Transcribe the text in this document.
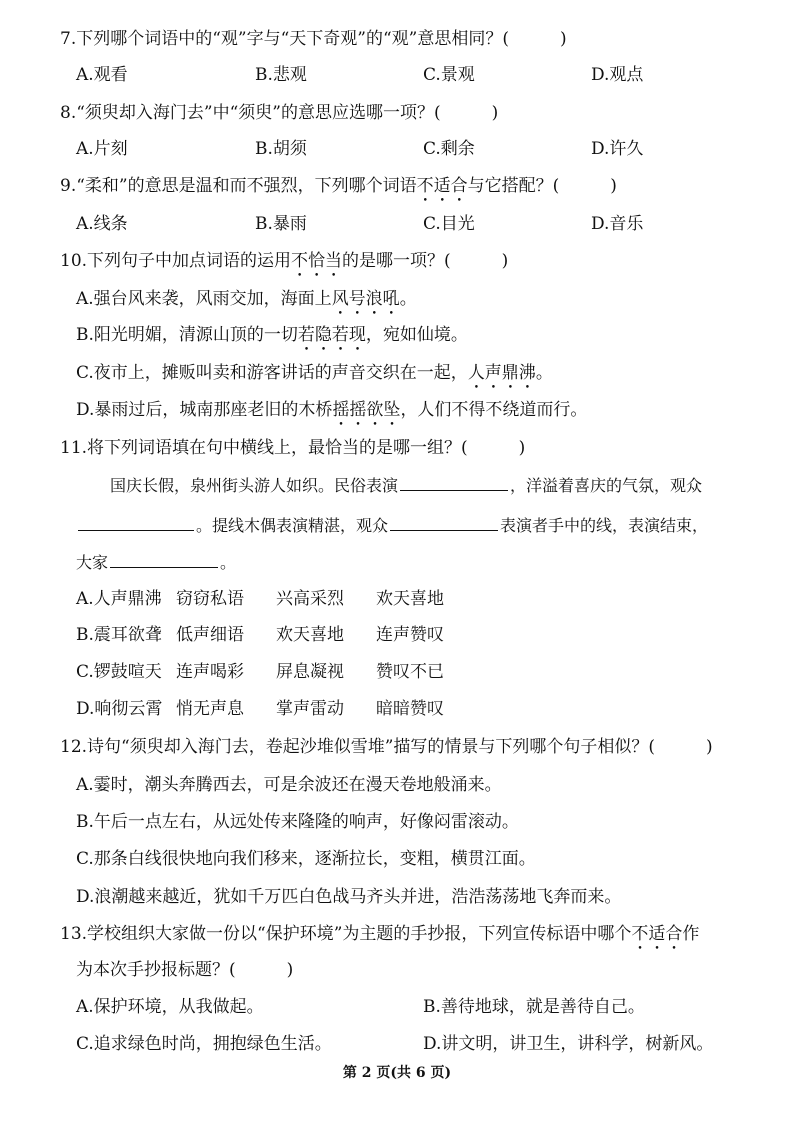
7.下列哪个词语中的“观”字与“天下奇观”的“观”意思相同？(　　　)
A.观看	B.悲观	C.景观	D.观点
8.“须臾却入海门去”中“须臾”的意思应选哪一项？(　　　)
A.片刻	B.胡须	C.剩余	D.许久
9.“柔和”的意思是温和而不强烈，下列哪个词语不适合与它搭配？(　　　)
A.线条	B.暴雨	C.目光	D.音乐
10.下列句子中加点词语的运用不恰当的是哪一项？(　　　)
A.强台风来袭，风雨交加，海面上风号浪吼。
B.阳光明媚，清源山顶的一切若隐若现，宛如仙境。
C.夜市上，摊贩叫卖和游客讲话的声音交织在一起，人声鼎沸。
D.暴雨过后，城南那座老旧的木桥摇摇欲坠，人们不得不绕道而行。
11.将下列词语填在句中横线上，最恰当的是哪一组？(　　　)
国庆长假，泉州街头游人如织。民俗表演	，洋溢着喜庆的气氛，观众
。提线木偶表演精湛，观众	表演者手中的线，表演结束，
大家	。
A.人声鼎沸 窃窃私语 兴高采烈 欢天喜地
B.震耳欲聋 低声细语 欢天喜地 连声赞叹
C.锣鼓喧天 连声喝彩 屏息凝视 赞叹不已
D.响彻云霄 悄无声息 掌声雷动 暗暗赞叹
12.诗句“须臾却入海门去，卷起沙堆似雪堆”描写的情景与下列哪个句子相似？(　　　)
A.霎时，潮头奔腾西去，可是余波还在漫天卷地般涌来。
B.午后一点左右，从远处传来隆隆的响声，好像闷雷滚动。
C.那条白线很快地向我们移来，逐渐拉长，变粗，横贯江面。
D.浪潮越来越近，犹如千万匹白色战马齐头并进，浩浩荡荡地飞奔而来。
13.学校组织大家做一份以“保护环境”为主题的手抄报，下列宣传标语中哪个不适合作
为本次手抄报标题？(　　　)
A.保护环境，从我做起。	B.善待地球，就是善待自己。
C.追求绿色时尚，拥抱绿色生活。	D.讲文明，讲卫生，讲科学，树新风。
第 2 页(共 6 页)
